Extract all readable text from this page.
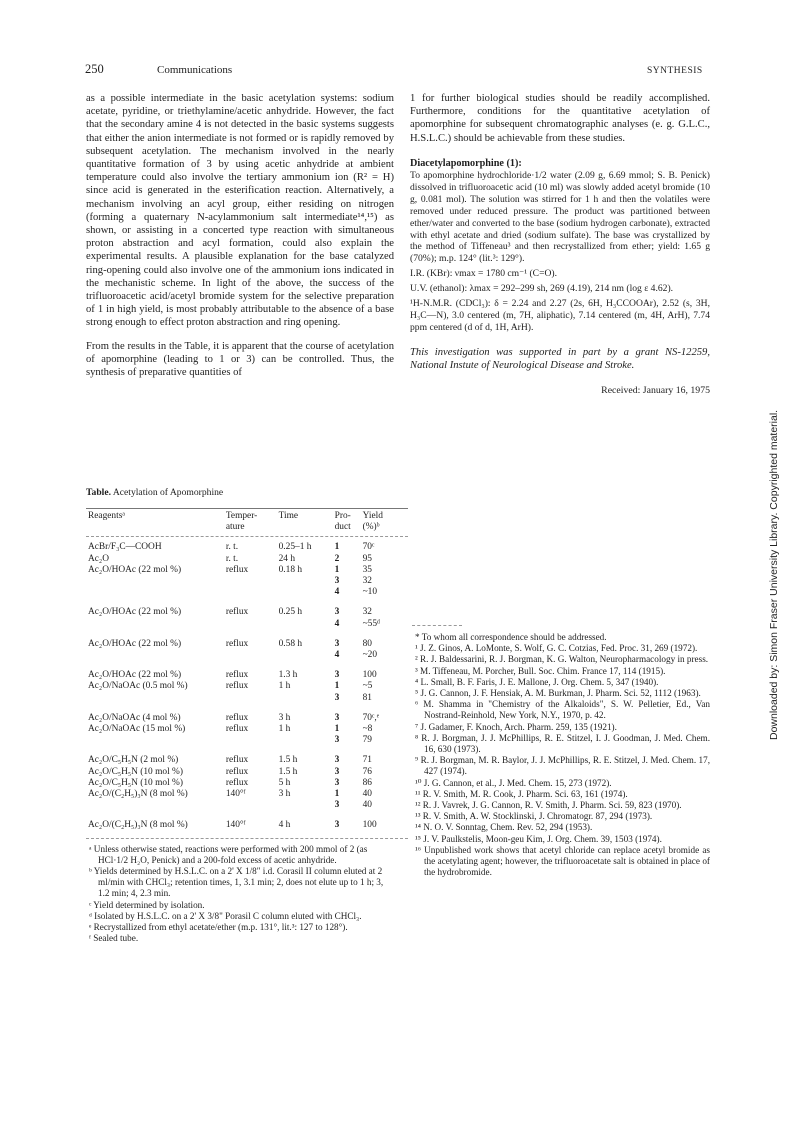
250	Communications	SYNTHESIS

as a possible intermediate in the basic acetylation systems: sodium acetate, pyridine, or triethylamine/acetic anhydride. However, the fact that the secondary amine 4 is not detected in the basic systems suggests that either the anion intermediate is not formed or is rapidly removed by subsequent acetylation. The mechanism involved in the nearly quantitative formation of 3 by using acetic anhydride at ambient temperature could also involve the tertiary ammonium ion (R² = H) since acid is generated in the esterification reaction. Alternatively, a mechanism involving an acyl group, either residing on nitrogen (forming a quaternary N-acylammonium salt intermediate¹⁴,¹⁵) as shown, or assisting in a concerted type reaction with simultaneous proton abstraction and acyl formation, could also explain the experimental results. A plausible explanation for the base catalyzed ring-opening could also involve one of the ammonium ions indicated in the mechanistic scheme. In light of the above, the success of the trifluoroacetic acid/acetyl bromide system for the selective preparation of 1 in high yield, is most probably attributable to the absence of a base strong enough to effect proton abstraction and ring opening.

From the results in the Table, it is apparent that the course of acetylation of apomorphine (leading to 1 or 3) can be controlled. Thus, the synthesis of preparative quantities of

Table. Acetylation of Apomorphine
Reagentsᵃ	Temper-
ature	Time	Pro-
duct	Yield
(%)ᵇ

AcBr/F₃C—COOH	r. t.	0.25–1 h	1	70ᶜ
Ac₂O	r. t.	24 h	2	95
Ac₂O/HOAc (22 mol %)	reflux	0.18 h	1	35
			3	32
			4	~10
Ac₂O/HOAc (22 mol %)	reflux	0.25 h	3	32
			4	~55ᵈ
Ac₂O/HOAc (22 mol %)	reflux	0.58 h	3	80
			4	~20
Ac₂O/HOAc (22 mol %)	reflux	1.3 h	3	100
Ac₂O/NaOAc (0.5 mol %)	reflux	1 h	1	~5
			3	81
Ac₂O/NaOAc (4 mol %)	reflux	3 h	3	70ᶜ,ᵉ
Ac₂O/NaOAc (15 mol %)	reflux	1 h	1	~8
			3	79
Ac₂O/C₅H₅N (2 mol %)	reflux	1.5 h	3	71
Ac₂O/C₅H₅N (10 mol %)	reflux	1.5 h	3	76
Ac₂O/C₅H₅N (10 mol %)	reflux	5 h	3	86
Ac₂O/(C₂H₅)₃N (8 mol %)	140°ᶠ	3 h	1	40
			3	40
Ac₂O/(C₂H₅)₃N (8 mol %)	140°ᶠ	4 h	3	100

ᵃ Unless otherwise stated, reactions were performed with 200 mmol of 2 (as HCl·1/2 H₂O, Penick) and a 200-fold excess of acetic anhydride.

ᵇ Yields determined by H.S.L.C. on a 2' X 1/8" i.d. Corasil II column eluted at 2 ml/min with CHCl₃; retention times, 1, 3.1 min; 2, does not elute up to 1 h; 3, 1.2 min; 4, 2.3 min.

ᶜ Yield determined by isolation.

ᵈ Isolated by H.S.L.C. on a 2' X 3/8" Porasil C column eluted with CHCl₃.

ᵉ Recrystallized from ethyl acetate/ether (m.p. 131°, lit.³: 127 to 128°).

ᶠ Sealed tube.

1 for further biological studies should be readily accomplished. Furthermore, conditions for the quantitative acetylation of apomorphine for subsequent chromatographic analyses (e. g. G.L.C., H.S.L.C.) should be achievable from these studies.

Diacetylapomorphine (1):

To apomorphine hydrochloride·1/2 water (2.09 g, 6.69 mmol; S. B. Penick) dissolved in trifluoroacetic acid (10 ml) was slowly added acetyl bromide (10 g, 0.081 mol). The solution was stirred for 1 h and then the volatiles were removed under reduced pressure. The product was partitioned between ether/water and converted to the base (sodium hydrogen carbonate), extracted with ethyl acetate and dried (sodium sulfate). The base was crystallized by the method of Tiffeneau³ and then recrystallized from ether; yield: 1.65 g (70%); m.p. 124° (lit.³: 129°).

I.R. (KBr): νmax = 1780 cm⁻¹ (C=O).

U.V. (ethanol): λmax = 292–299 sh, 269 (4.19), 214 nm (log ε 4.62).

¹H-N.M.R. (CDCl₃): δ = 2.24 and 2.27 (2s, 6H, H₃CCOOAr), 2.52 (s, 3H, H₃C—N), 3.0 centered (m, 7H, aliphatic), 7.14 centered (m, 4H, ArH), 7.74 ppm centered (d of d, 1H, ArH).

This investigation was supported in part by a grant NS-12259, National Instute of Neurological Disease and Stroke.

Received: January 16, 1975

* To whom all correspondence should be addressed.

¹ J. Z. Ginos, A. LoMonte, S. Wolf, G. C. Cotzias, Fed. Proc. 31, 269 (1972).

² R. J. Baldessarini, R. J. Borgman, K. G. Walton, Neuropharmacology in press.

³ M. Tiffeneau, M. Porcher, Bull. Soc. Chim. France 17, 114 (1915).

⁴ L. Small, B. F. Faris, J. E. Mallone, J. Org. Chem. 5, 347 (1940).

⁵ J. G. Cannon, J. F. Hensiak, A. M. Burkman, J. Pharm. Sci. 52, 1112 (1963).

⁶ M. Shamma in "Chemistry of the Alkaloids", S. W. Pelletier, Ed., Van Nostrand-Reinhold, New York, N.Y., 1970, p. 42.

⁷ J. Gadamer, F. Knoch, Arch. Pharm. 259, 135 (1921).

⁸ R. J. Borgman, J. J. McPhillips, R. E. Stitzel, I. J. Goodman, J. Med. Chem. 16, 630 (1973).

⁹ R. J. Borgman, M. R. Baylor, J. J. McPhillips, R. E. Stitzel, J. Med. Chem. 17, 427 (1974).

¹⁰ J. G. Cannon, et al., J. Med. Chem. 15, 273 (1972).

¹¹ R. V. Smith, M. R. Cook, J. Pharm. Sci. 63, 161 (1974).

¹² R. J. Vavrek, J. G. Cannon, R. V. Smith, J. Pharm. Sci. 59, 823 (1970).

¹³ R. V. Smith, A. W. Stocklinski, J. Chromatogr. 87, 294 (1973).

¹⁴ N. O. V. Sonntag, Chem. Rev. 52, 294 (1953).

¹⁵ J. V. Paulkstelis, Moon-geu Kim, J. Org. Chem. 39, 1503 (1974).

¹⁶ Unpublished work shows that acetyl chloride can replace acetyl bromide as the acetylating agent; however, the trifluoroacetate salt is obtained in place of the hydrobromide.

Downloaded by: Simon Fraser University Library. Copyrighted material.
